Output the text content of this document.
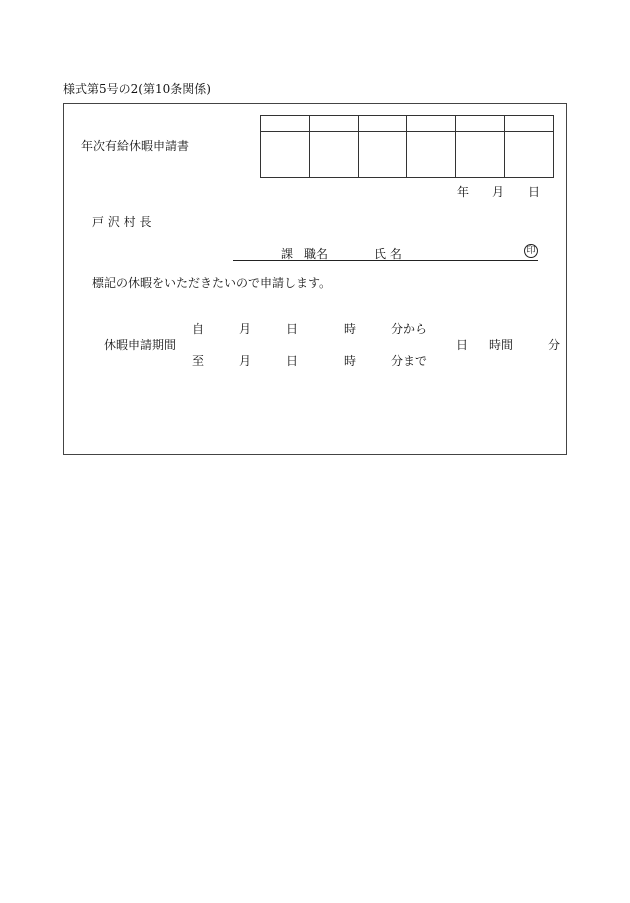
様式第5号の2(第10条関係)
年次有給休暇申請書

年 月 日
戸 沢 村 長
課 職名	氏 名	印
標記の休暇をいただきたいので申請します。
休暇申請期間
自	月	日	時	分から
至	月	日	時	分まで
日 時間	分
